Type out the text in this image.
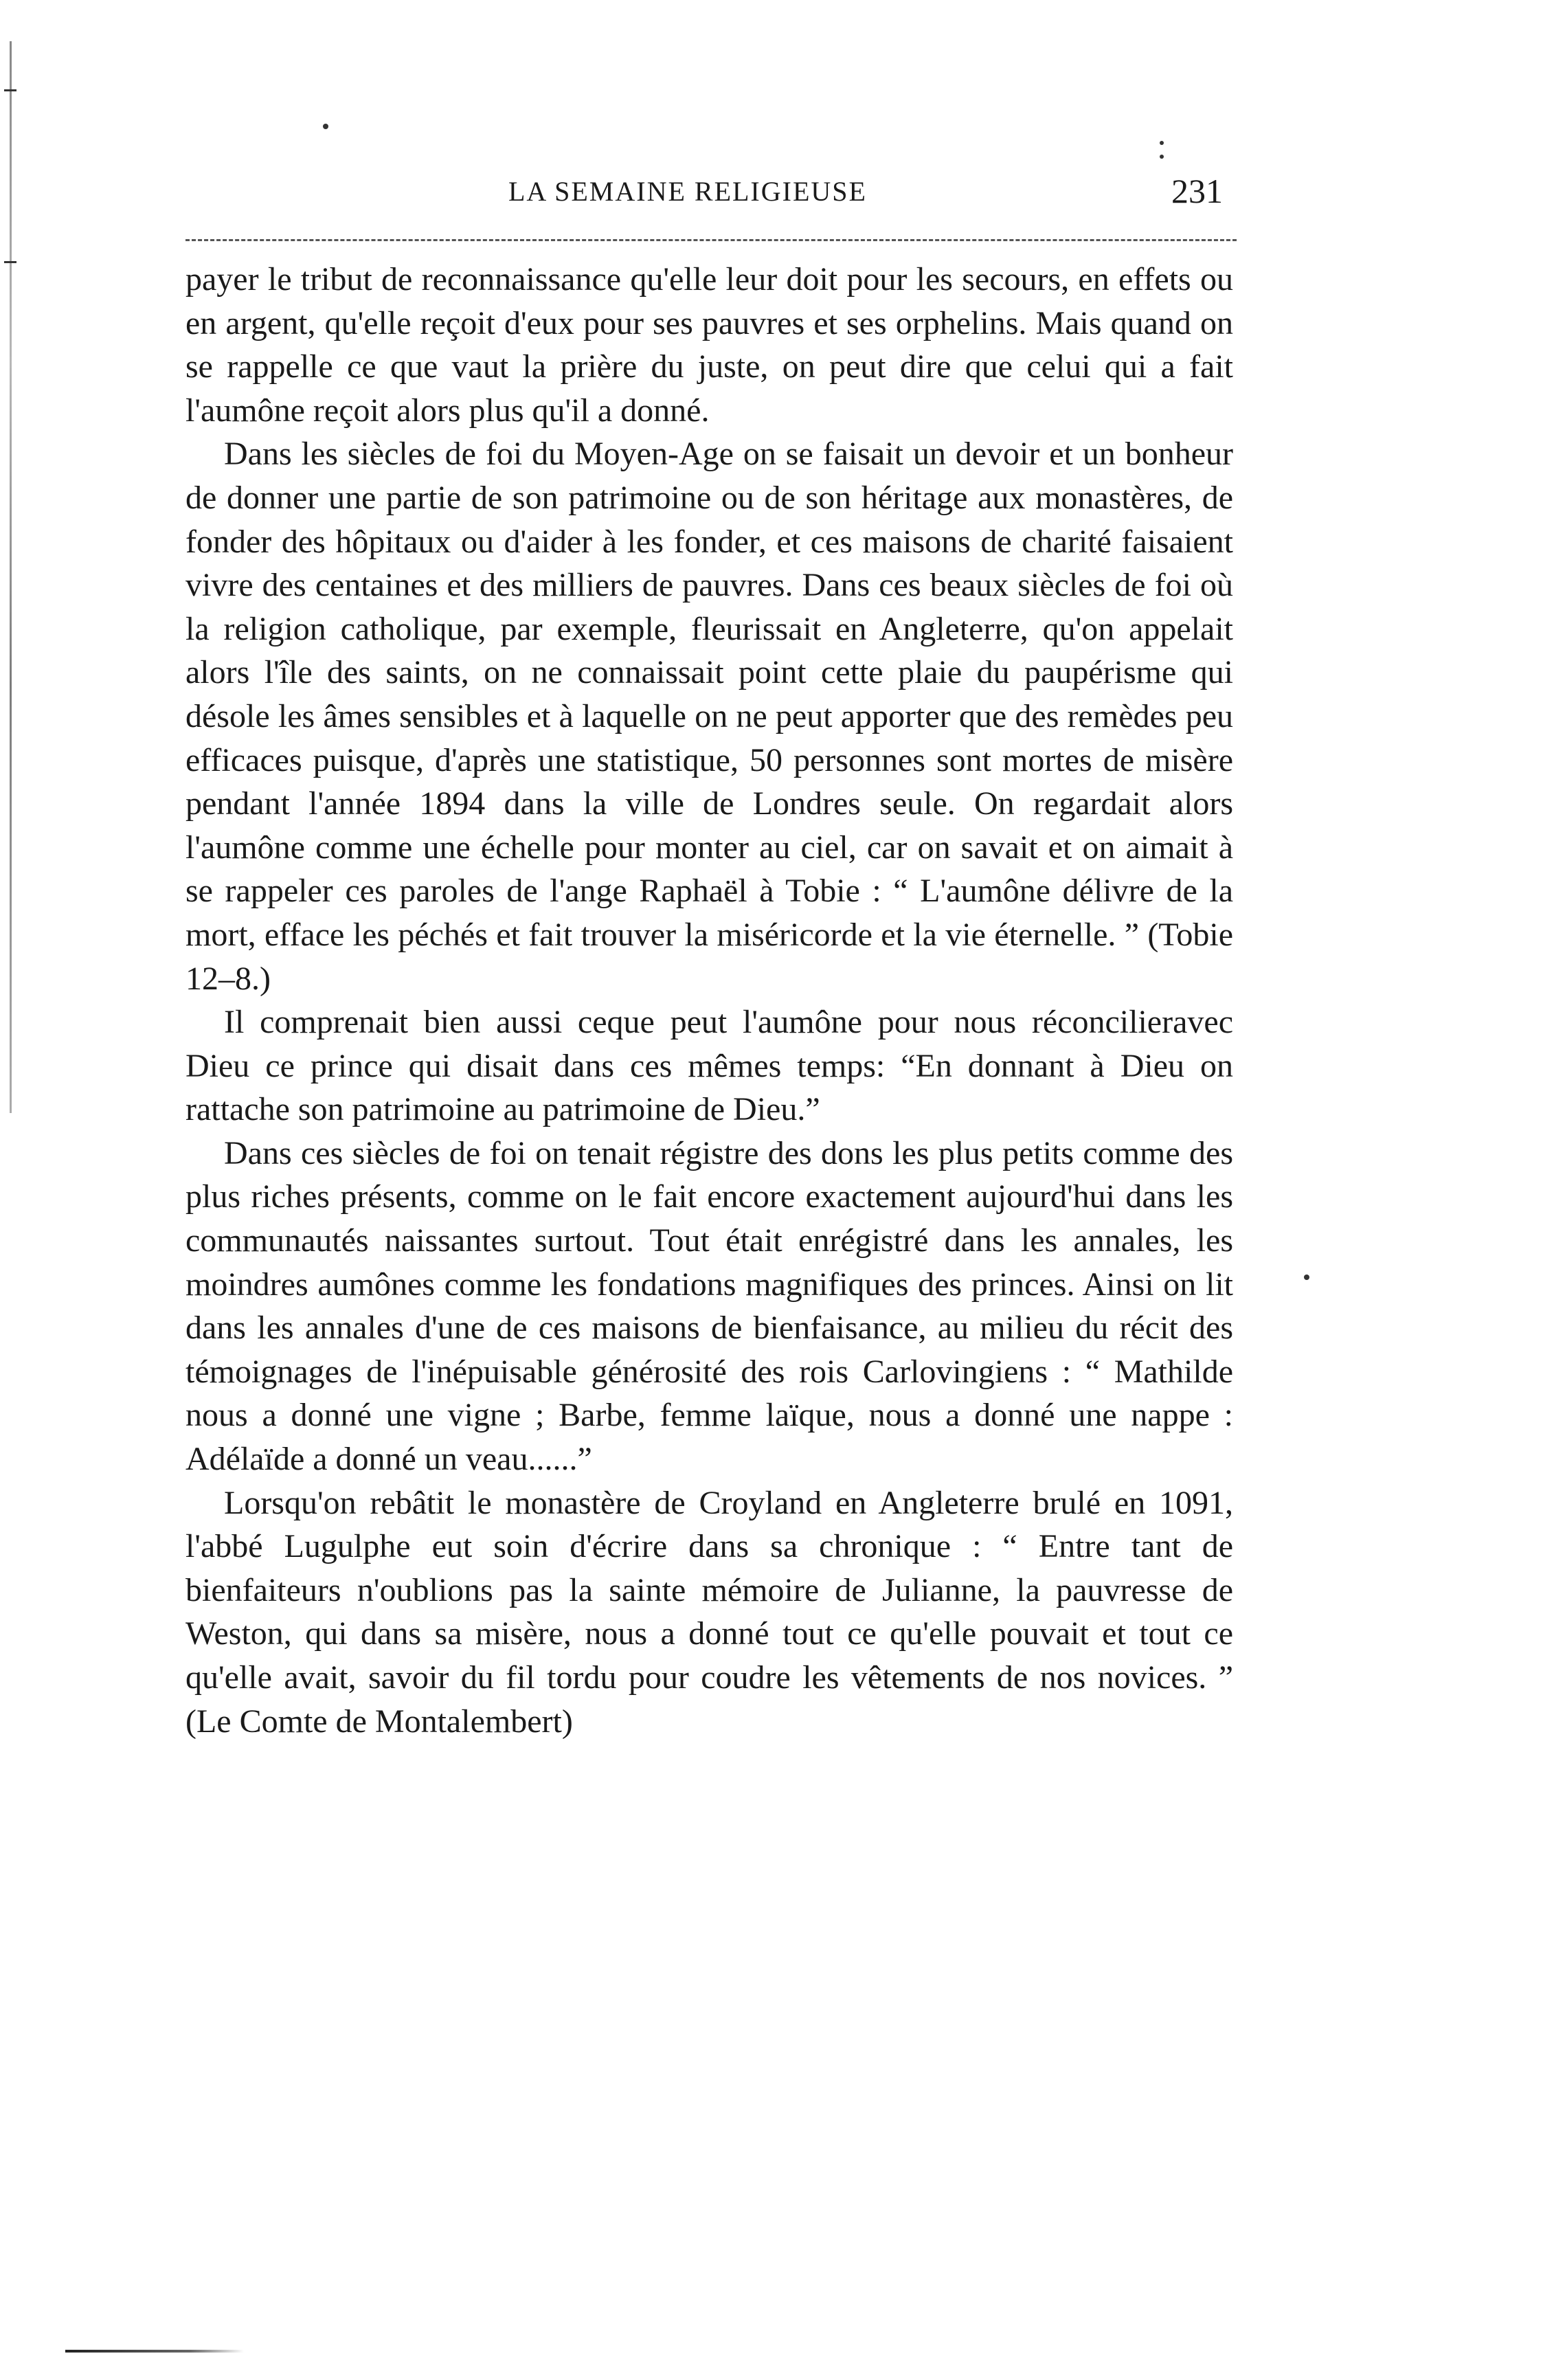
LA SEMAINE RELIGIEUSE	231

payer le tribut de reconnaissance qu'elle leur doit pour les secours, en effets ou en argent, qu'elle reçoit d'eux pour ses pauvres et ses orphelins. Mais quand on se rappelle ce que vaut la prière du juste, on peut dire que celui qui a fait l'aumône reçoit alors plus qu'il a donné.

Dans les siècles de foi du Moyen-Age on se faisait un devoir et un bonheur de donner une partie de son patrimoine ou de son héritage aux monastères, de fonder des hôpitaux ou d'aider à les fonder, et ces maisons de charité faisaient vivre des centaines et des milliers de pauvres. Dans ces beaux siècles de foi où la religion catholique, par exemple, fleurissait en Angleterre, qu'on appelait alors l'île des saints, on ne connaissait point cette plaie du paupérisme qui désole les âmes sensibles et à laquelle on ne peut apporter que des remèdes peu efficaces puisque, d'après une statistique, 50 personnes sont mortes de misère pendant l'année 1894 dans la ville de Londres seule. On regardait alors l'aumône comme une échelle pour monter au ciel, car on savait et on aimait à se rappeler ces paroles de l'ange Raphaël à Tobie : “ L'aumône délivre de la mort, efface les péchés et fait trouver la miséricorde et la vie éternelle. ” (Tobie 12–8.)

Il comprenait bien aussi ceque peut l'aumône pour nous réconcilieravec Dieu ce prince qui disait dans ces mêmes temps: “En donnant à Dieu on rattache son patrimoine au patrimoine de Dieu.”

Dans ces siècles de foi on tenait régistre des dons les plus petits comme des plus riches présents, comme on le fait encore exactement aujourd'hui dans les communautés naissantes surtout. Tout était enrégistré dans les annales, les moindres aumônes comme les fondations magnifiques des princes. Ainsi on lit dans les annales d'une de ces maisons de bienfaisance, au milieu du récit des témoignages de l'inépuisable générosité des rois Carlovingiens : “ Mathilde nous a donné une vigne ; Barbe, femme laïque, nous a donné une nappe : Adélaïde a donné un veau......”

Lorsqu'on rebâtit le monastère de Croyland en Angleterre brulé en 1091, l'abbé Lugulphe eut soin d'écrire dans sa chronique : “ Entre tant de bienfaiteurs n'oublions pas la sainte mémoire de Julianne, la pauvresse de Weston, qui dans sa misère, nous a donné tout ce qu'elle pouvait et tout ce qu'elle avait, savoir du fil tordu pour coudre les vêtements de nos novices. ” (Le Comte de Montalembert)
